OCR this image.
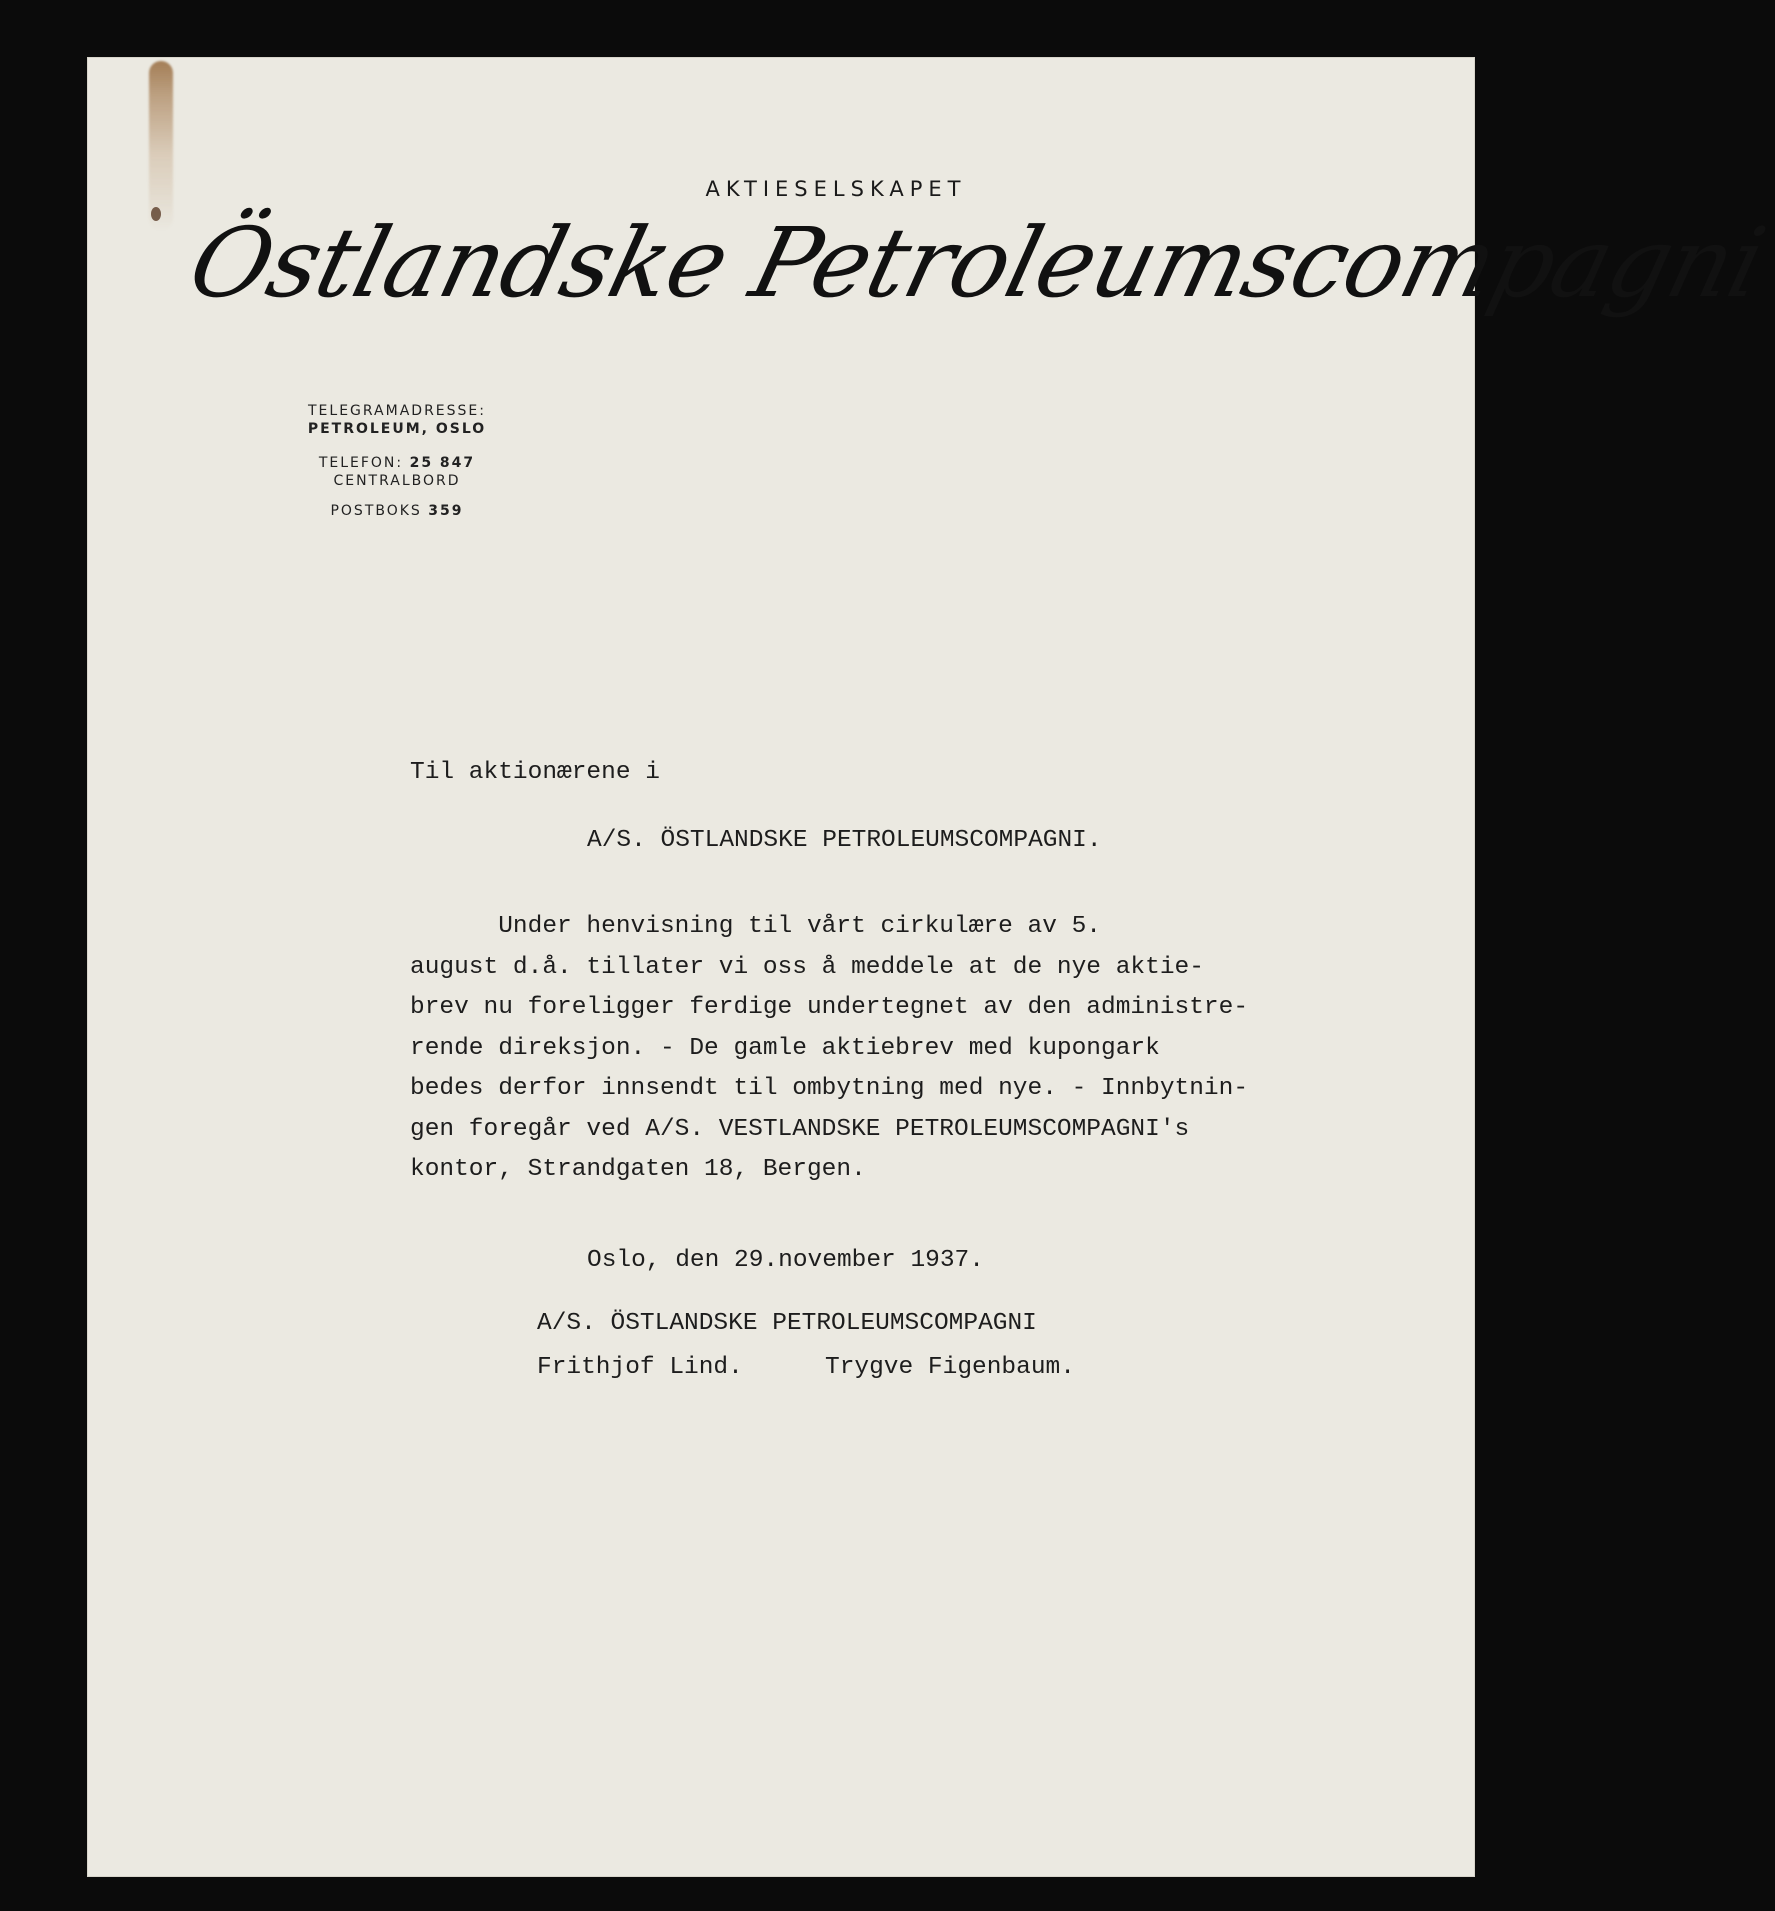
AKTIESELSKAPET
Östlandske Petroleumscompagni
TELEGRAMADRESSE:
PETROLEUM, OSLO
TELEFON: 25 847
CENTRALBORD
POSTBOKS 359
Til aktionærene i
A/S. ÖSTLANDSKE PETROLEUMSCOMPAGNI.
Under henvisning til vårt cirkulære av 5.
august d.å. tillater vi oss å meddele at de nye aktie-
brev nu foreligger ferdige undertegnet av den administre-
rende direksjon. - De gamle aktiebrev med kupongark
bedes derfor innsendt til ombytning med nye. - Innbytnin-
gen foregår ved A/S. VESTLANDSKE PETROLEUMSCOMPAGNI's
kontor, Strandgaten 18, Bergen.
Oslo, den 29.november 1937.
A/S. ÖSTLANDSKE PETROLEUMSCOMPAGNI
Frithjof Lind.	Trygve Figenbaum.
